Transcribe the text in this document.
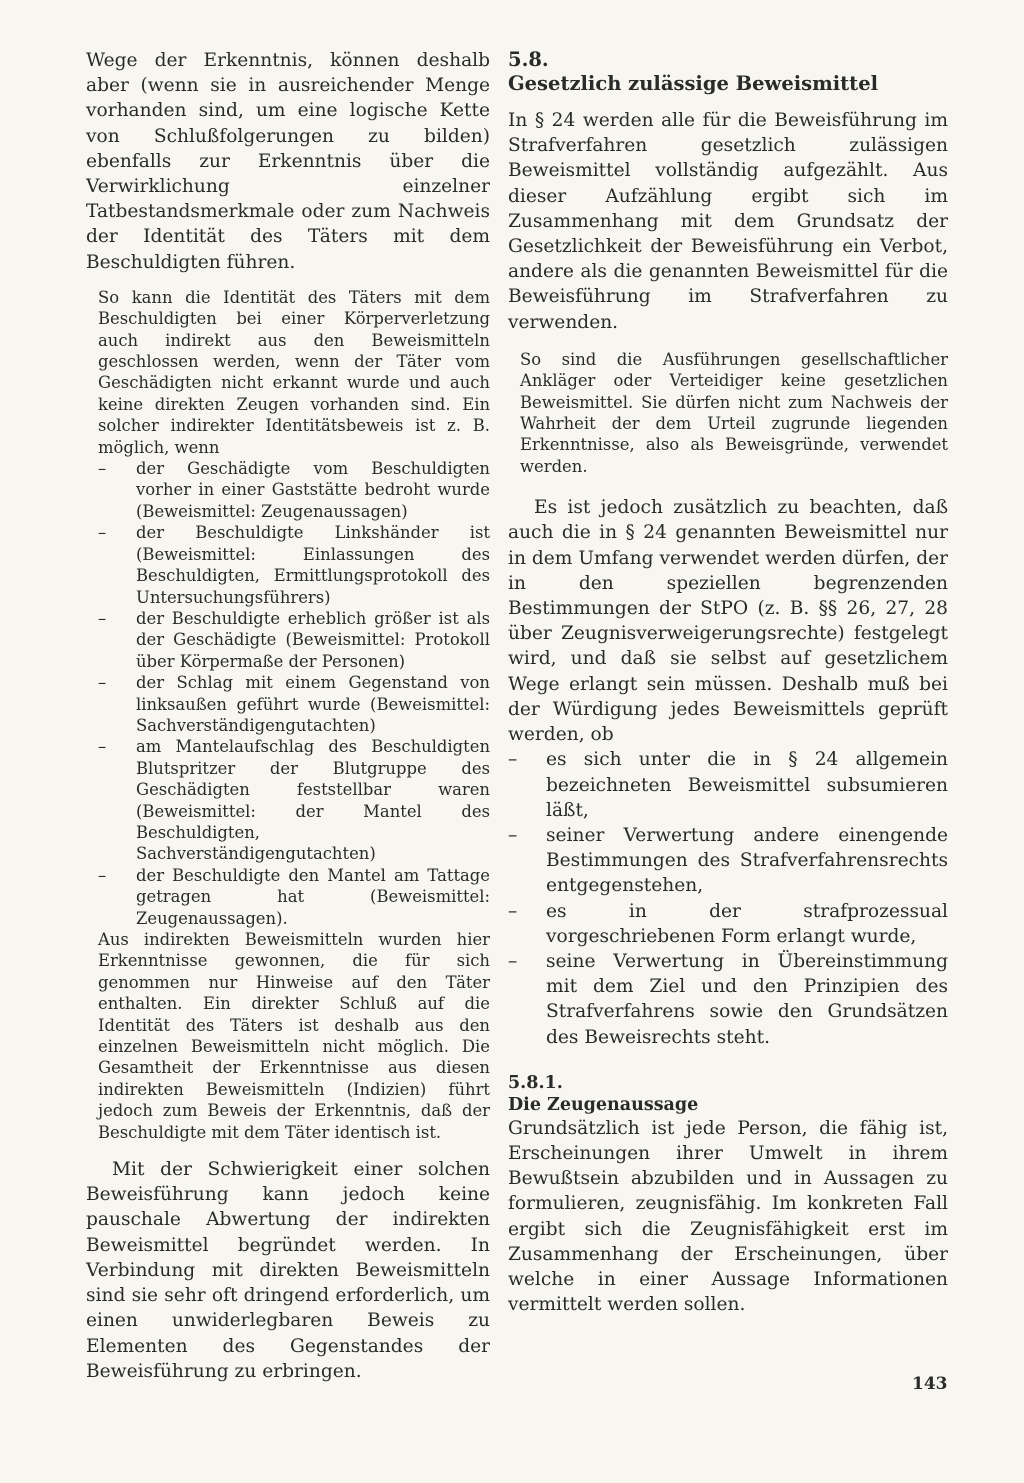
Wege der Erkenntnis, können deshalb aber (wenn sie in ausreichender Menge vorhanden sind, um eine logische Kette von Schlußfolgerungen zu bilden) ebenfalls zur Erkenntnis über die Verwirklichung einzelner Tatbestandsmerkmale oder zum Nachweis der Identität des Täters mit dem Beschuldigten führen.

So kann die Identität des Täters mit dem Beschuldigten bei einer Körperverletzung auch indirekt aus den Beweismitteln geschlossen werden, wenn der Täter vom Geschädigten nicht erkannt wurde und auch keine direkten Zeugen vorhanden sind. Ein solcher indirekter Identitätsbeweis ist z. B. möglich, wenn

– der Geschädigte vom Beschuldigten vorher in einer Gaststätte bedroht wurde (Beweismittel: Zeugenaussagen)
– der Beschuldigte Linkshänder ist (Beweismittel: Einlassungen des Beschuldigten, Ermittlungsprotokoll des Untersuchungsführers)
– der Beschuldigte erheblich größer ist als der Geschädigte (Beweismittel: Protokoll über Körpermaße der Personen)
– der Schlag mit einem Gegenstand von linksaußen geführt wurde (Beweismittel: Sachverständigengutachten)
– am Mantelaufschlag des Beschuldigten Blutspritzer der Blutgruppe des Geschädigten feststellbar waren (Beweismittel: der Mantel des Beschuldigten, Sachverständigengutachten)
– der Beschuldigte den Mantel am Tattage getragen hat (Beweismittel: Zeugenaussagen).

Aus indirekten Beweismitteln wurden hier Erkenntnisse gewonnen, die für sich genommen nur Hinweise auf den Täter enthalten. Ein direkter Schluß auf die Identität des Täters ist deshalb aus den einzelnen Beweismitteln nicht möglich. Die Gesamtheit der Erkenntnisse aus diesen indirekten Beweismitteln (Indizien) führt jedoch zum Beweis der Erkenntnis, daß der Beschuldigte mit dem Täter identisch ist.

Mit der Schwierigkeit einer solchen Beweisführung kann jedoch keine pauschale Abwertung der indirekten Beweismittel begründet werden. In Verbindung mit direkten Beweismitteln sind sie sehr oft dringend erforderlich, um einen unwiderlegbaren Beweis zu Elementen des Gegenstandes der Beweisführung zu erbringen.

5.8.
Gesetzlich zulässige Beweismittel

In § 24 werden alle für die Beweisführung im Strafverfahren gesetzlich zulässigen Beweismittel vollständig aufgezählt. Aus dieser Aufzählung ergibt sich im Zusammenhang mit dem Grundsatz der Gesetzlichkeit der Beweisführung ein Verbot, andere als die genannten Beweismittel für die Beweisführung im Strafverfahren zu verwenden.

So sind die Ausführungen gesellschaftlicher Ankläger oder Verteidiger keine gesetzlichen Beweismittel. Sie dürfen nicht zum Nachweis der Wahrheit der dem Urteil zugrunde liegenden Erkenntnisse, also als Beweisgründe, verwendet werden.

Es ist jedoch zusätzlich zu beachten, daß auch die in § 24 genannten Beweismittel nur in dem Umfang verwendet werden dürfen, der in den speziellen begrenzenden Bestimmungen der StPO (z. B. §§ 26, 27, 28 über Zeugnisverweigerungsrechte) festgelegt wird, und daß sie selbst auf gesetzlichem Wege erlangt sein müssen. Deshalb muß bei der Würdigung jedes Beweismittels geprüft werden, ob

– es sich unter die in § 24 allgemein bezeichneten Beweismittel subsumieren läßt,
– seiner Verwertung andere einengende Bestimmungen des Strafverfahrensrechts entgegenstehen,
– es in der strafprozessual vorgeschriebenen Form erlangt wurde,
– seine Verwertung in Übereinstimmung mit dem Ziel und den Prinzipien des Strafverfahrens sowie den Grundsätzen des Beweisrechts steht.
5.8.1.
Die Zeugenaussage

Grundsätzlich ist jede Person, die fähig ist, Erscheinungen ihrer Umwelt in ihrem Bewußtsein abzubilden und in Aussagen zu formulieren, zeugnisfähig. Im konkreten Fall ergibt sich die Zeugnisfähigkeit erst im Zusammenhang der Erscheinungen, über welche in einer Aussage Informationen vermittelt werden sollen.

143
